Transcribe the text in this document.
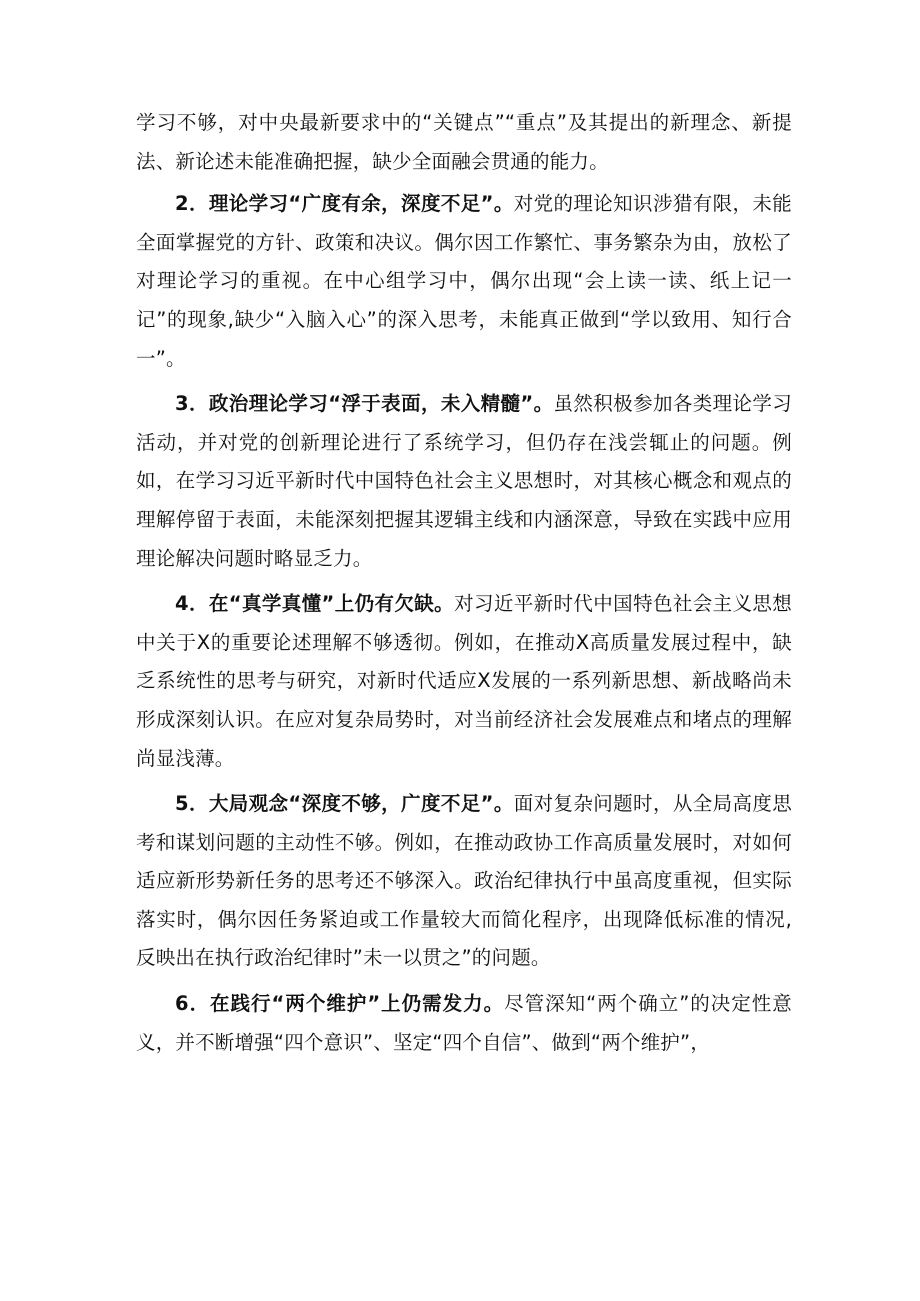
学习不够，对中央最新要求中的“关键点”“重点”及其提出的新理念、新提法、新论述未能准确把握，缺少全面融会贯通的能力。

2．理论学习“广度有余，深度不足”。对党的理论知识涉猎有限，未能全面掌握党的方针、政策和决议。偶尔因工作繁忙、事务繁杂为由，放松了对理论学习的重视。在中心组学习中，偶尔出现“会上读一读、纸上记一记”的现象,缺少“入脑入心”的深入思考，未能真正做到“学以致用、知行合一”。

3．政治理论学习“浮于表面，未入精髓”。虽然积极参加各类理论学习活动，并对党的创新理论进行了系统学习，但仍存在浅尝辄止的问题。例如，在学习习近平新时代中国特色社会主义思想时，对其核心概念和观点的理解停留于表面，未能深刻把握其逻辑主线和内涵深意，导致在实践中应用理论解决问题时略显乏力。

4．在“真学真懂”上仍有欠缺。对习近平新时代中国特色社会主义思想中关于X的重要论述理解不够透彻。例如，在推动X高质量发展过程中，缺乏系统性的思考与研究，对新时代适应X发展的一系列新思想、新战略尚未形成深刻认识。在应对复杂局势时，对当前经济社会发展难点和堵点的理解尚显浅薄。

5．大局观念“深度不够，广度不足”。面对复杂问题时，从全局高度思考和谋划问题的主动性不够。例如，在推动政协工作高质量发展时，对如何适应新形势新任务的思考还不够深入。政治纪律执行中虽高度重视，但实际落实时，偶尔因任务紧迫或工作量较大而简化程序，出现降低标准的情况,反映出在执行政治纪律时”未一以贯之”的问题。

6．在践行“两个维护”上仍需发力。尽管深知“两个确立”的决定性意义，并不断增强“四个意识”、坚定“四个自信”、做到“两个维护”，
